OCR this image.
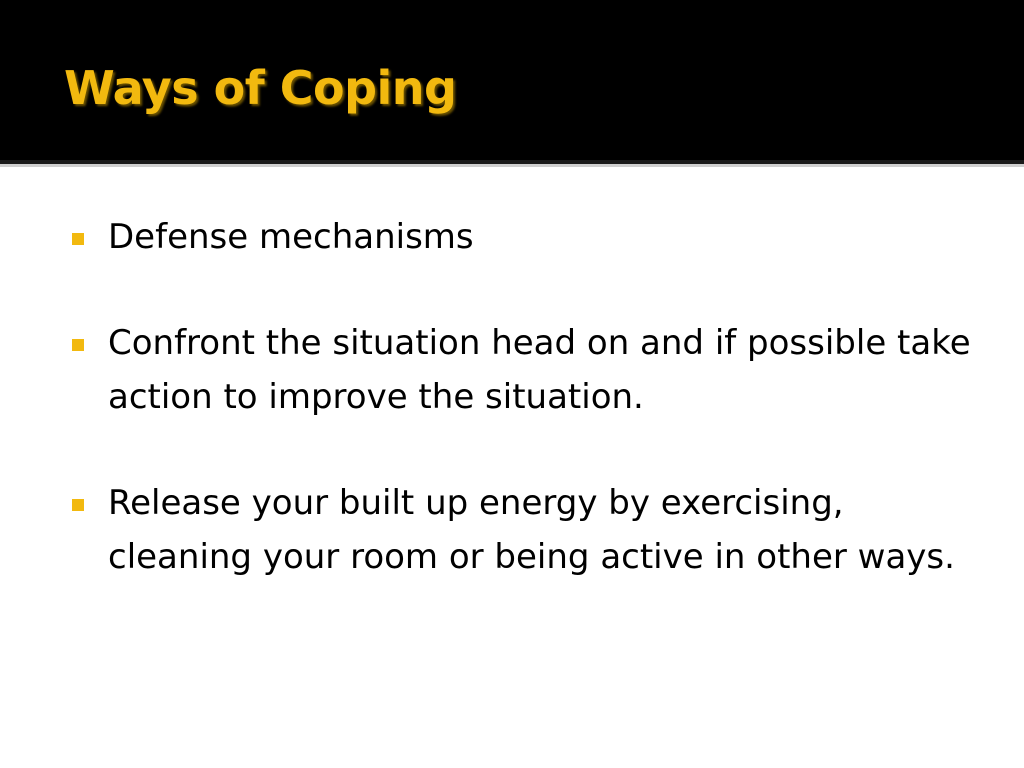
Ways of Coping
Defense mechanisms
Confront the situation head on and if possible take action to improve the situation.
Release your built up energy by exercising, cleaning your room or being active in other ways.
